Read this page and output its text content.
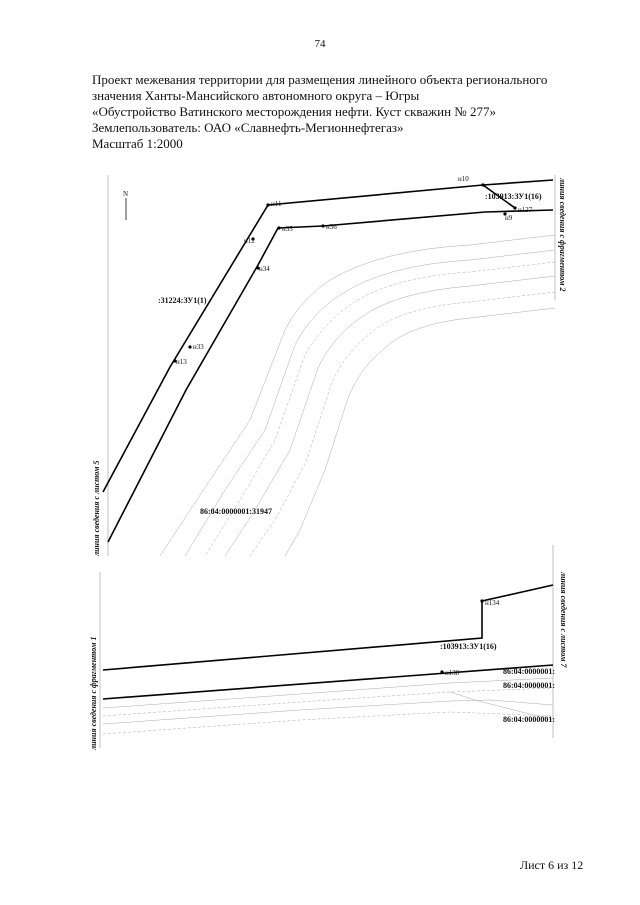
74
Проект межевания территории для размещения линейного объекта регионального
значения Ханты-Мансийского автономного округа – Югры
«Обустройство Ватинского месторождения нефти. Куст скважин № 277»
Землепользователь: ОАО «Славнефть-Мегионнефтегаз»
Масштаб 1:2000
N
н11
н12
н13
н33
н34
н35	н36
н10
н137
н9
:103913:ЗУ1(16)
:31224:ЗУ1(1)
86:04:0000001:31947
линия сведения с фрагментом 2
линия сведения с листом 5
н134
н138
:103913:ЗУ1(16)
86:04:0000001:
86:04:0000001:
86:04:0000001:
линия сведения с фрагментом 1
линия сведения с листом 7
Лист 6 из 12
